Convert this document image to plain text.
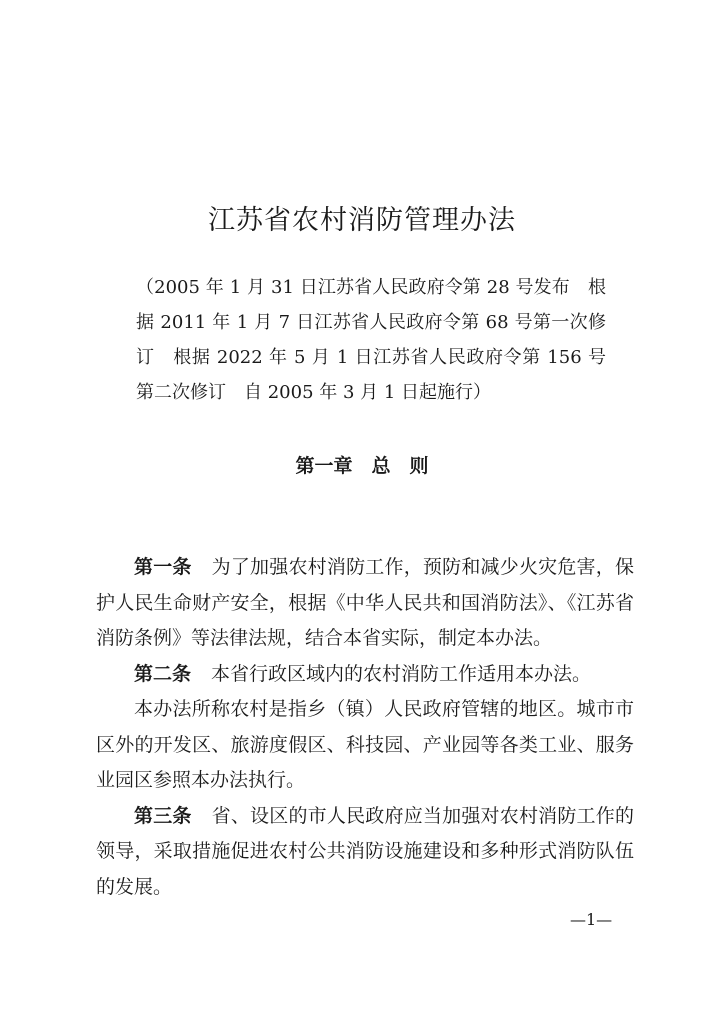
江苏省农村消防管理办法
（2005 年 1 月 31 日江苏省人民政府令第 28 号发布　根据 2011 年 1 月 7 日江苏省人民政府令第 68 号第一次修订　根据 2022 年 5 月 1 日江苏省人民政府令第 156 号第二次修订　自 2005 年 3 月 1 日起施行）
第一章　总　则

第一条 为了加强农村消防工作，预防和减少火灾危害，保护人民生命财产安全，根据《中华人民共和国消防法》、《江苏省消防条例》等法律法规，结合本省实际，制定本办法。

第二条 本省行政区域内的农村消防工作适用本办法。

本办法所称农村是指乡（镇）人民政府管辖的地区。城市市区外的开发区、旅游度假区、科技园、产业园等各类工业、服务业园区参照本办法执行。

第三条 省、设区的市人民政府应当加强对农村消防工作的领导，采取措施促进农村公共消防设施建设和多种形式消防队伍的发展。

—1—
